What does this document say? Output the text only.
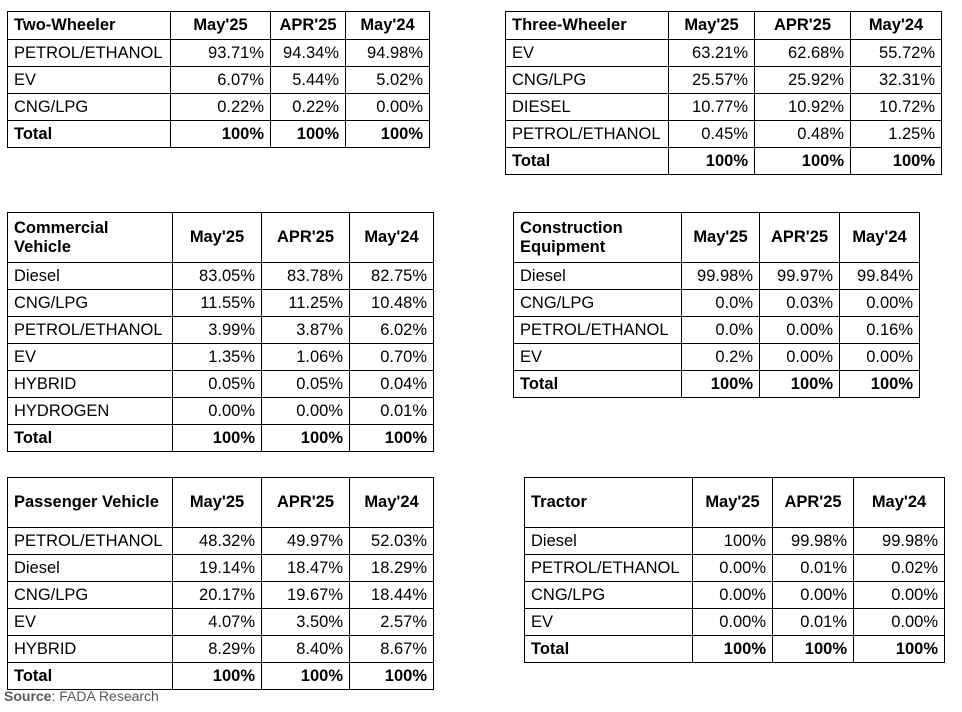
Two-Wheeler	May'25	APR'25	May'24
PETROL/ETHANOL	93.71%	94.34%	94.98%
EV	6.07%	5.44%	5.02%
CNG/LPG	0.22%	0.22%	0.00%
Total	100%	100%	100%
Three-Wheeler	May'25	APR'25	May'24
EV	63.21%	62.68%	55.72%
CNG/LPG	25.57%	25.92%	32.31%
DIESEL	10.77%	10.92%	10.72%
PETROL/ETHANOL	0.45%	0.48%	1.25%
Total	100%	100%	100%
Commercial Vehicle	May'25	APR'25	May'24
Diesel	83.05%	83.78%	82.75%
CNG/LPG	11.55%	11.25%	10.48%
PETROL/ETHANOL	3.99%	3.87%	6.02%
EV	1.35%	1.06%	0.70%
HYBRID	0.05%	0.05%	0.04%
HYDROGEN	0.00%	0.00%	0.01%
Total	100%	100%	100%
Construction Equipment	May'25	APR'25	May'24
Diesel	99.98%	99.97%	99.84%
CNG/LPG	0.0%	0.03%	0.00%
PETROL/ETHANOL	0.0%	0.00%	0.16%
EV	0.2%	0.00%	0.00%
Total	100%	100%	100%
Passenger Vehicle	May'25	APR'25	May'24
PETROL/ETHANOL	48.32%	49.97%	52.03%
Diesel	19.14%	18.47%	18.29%
CNG/LPG	20.17%	19.67%	18.44%
EV	4.07%	3.50%	2.57%
HYBRID	8.29%	8.40%	8.67%
Total	100%	100%	100%
Tractor	May'25	APR'25	May'24
Diesel	100%	99.98%	99.98%
PETROL/ETHANOL	0.00%	0.01%	0.02%
CNG/LPG	0.00%	0.00%	0.00%
EV	0.00%	0.01%	0.00%
Total	100%	100%	100%
Source: FADA Research
